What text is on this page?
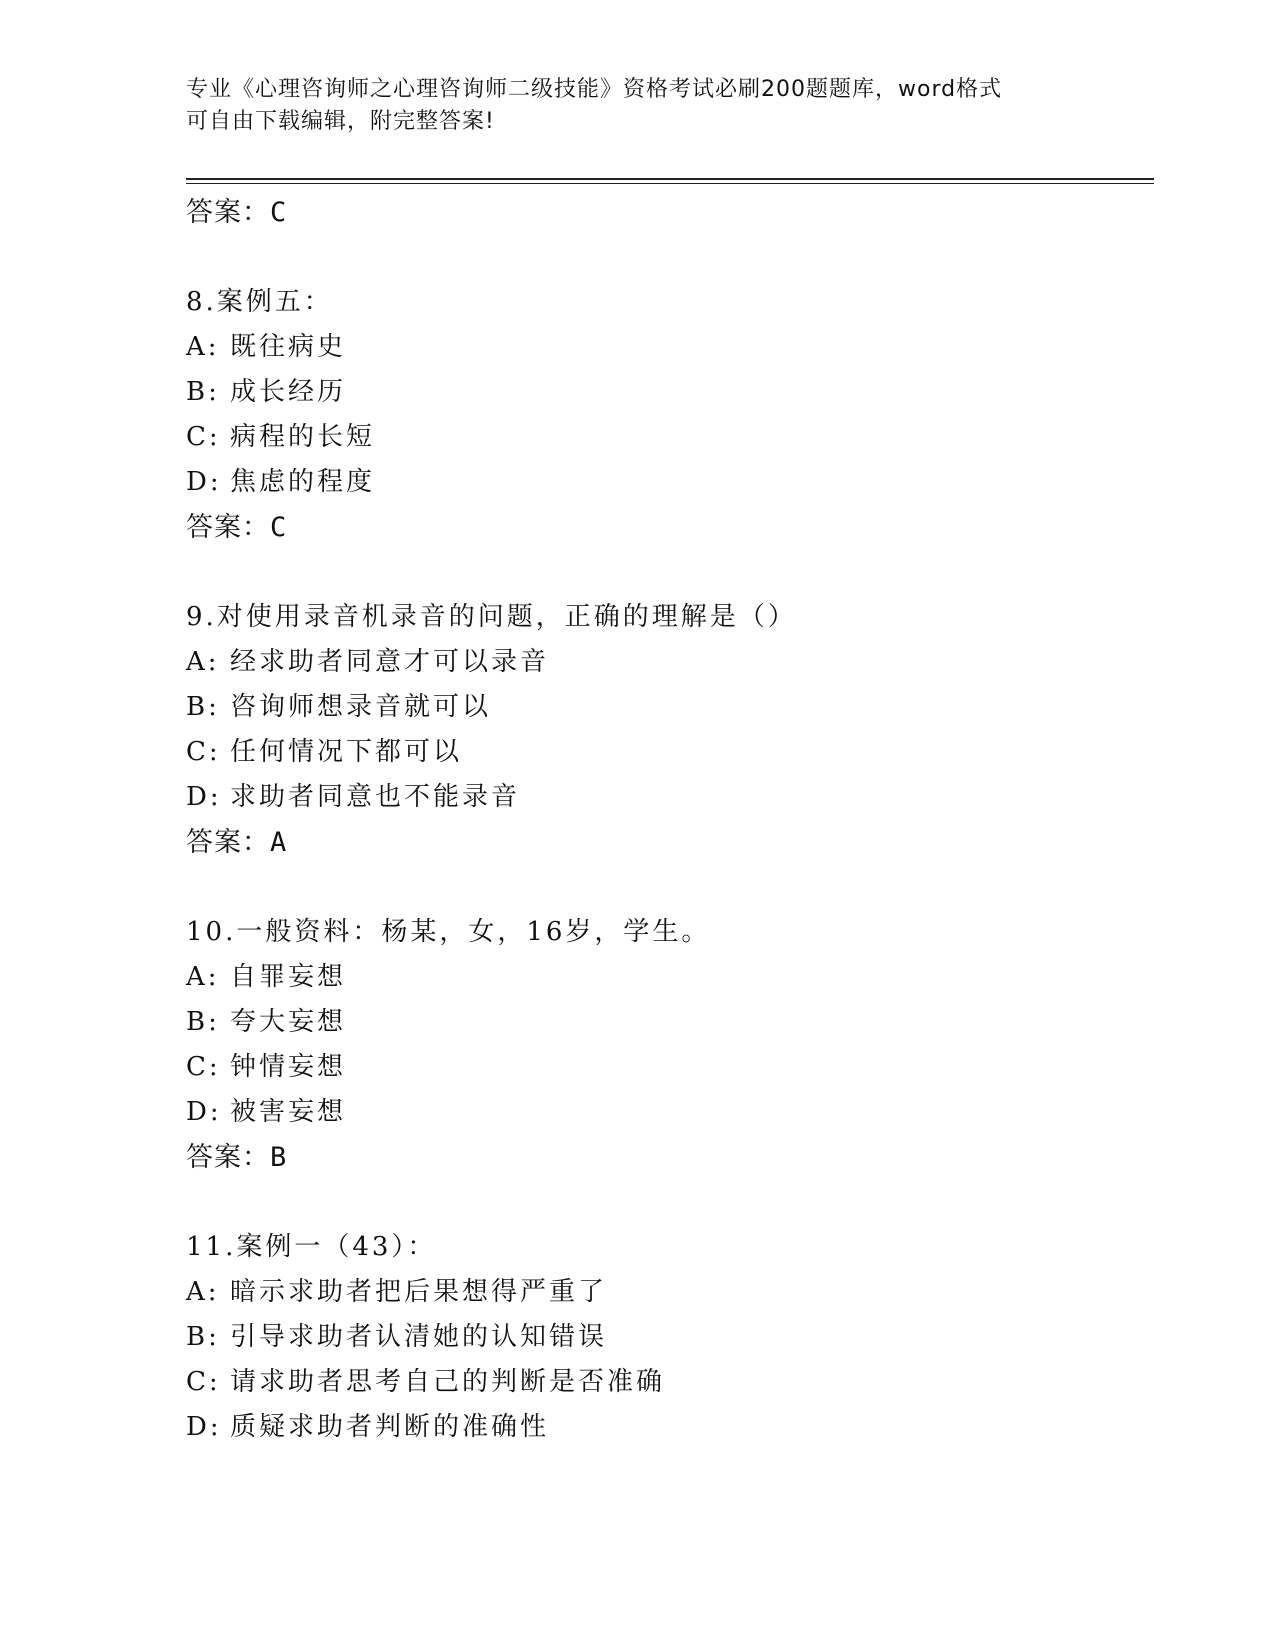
专业《心理咨询师之心理咨询师二级技能》资格考试必刷200题题库，word格式
可自由下载编辑，附完整答案!
答案：C
8.案例五：
A: 既往病史
B: 成长经历
C: 病程的长短
D: 焦虑的程度
答案：C
9.对使用录音机录音的问题，正确的理解是（）
A: 经求助者同意才可以录音
B: 咨询师想录音就可以
C: 任何情况下都可以
D: 求助者同意也不能录音
答案：A
10.一般资料：杨某，女，16岁，学生。
A: 自罪妄想
B: 夸大妄想
C: 钟情妄想
D: 被害妄想
答案：B
11.案例一（43）：
A: 暗示求助者把后果想得严重了
B: 引导求助者认清她的认知错误
C: 请求助者思考自己的判断是否准确
D: 质疑求助者判断的准确性
